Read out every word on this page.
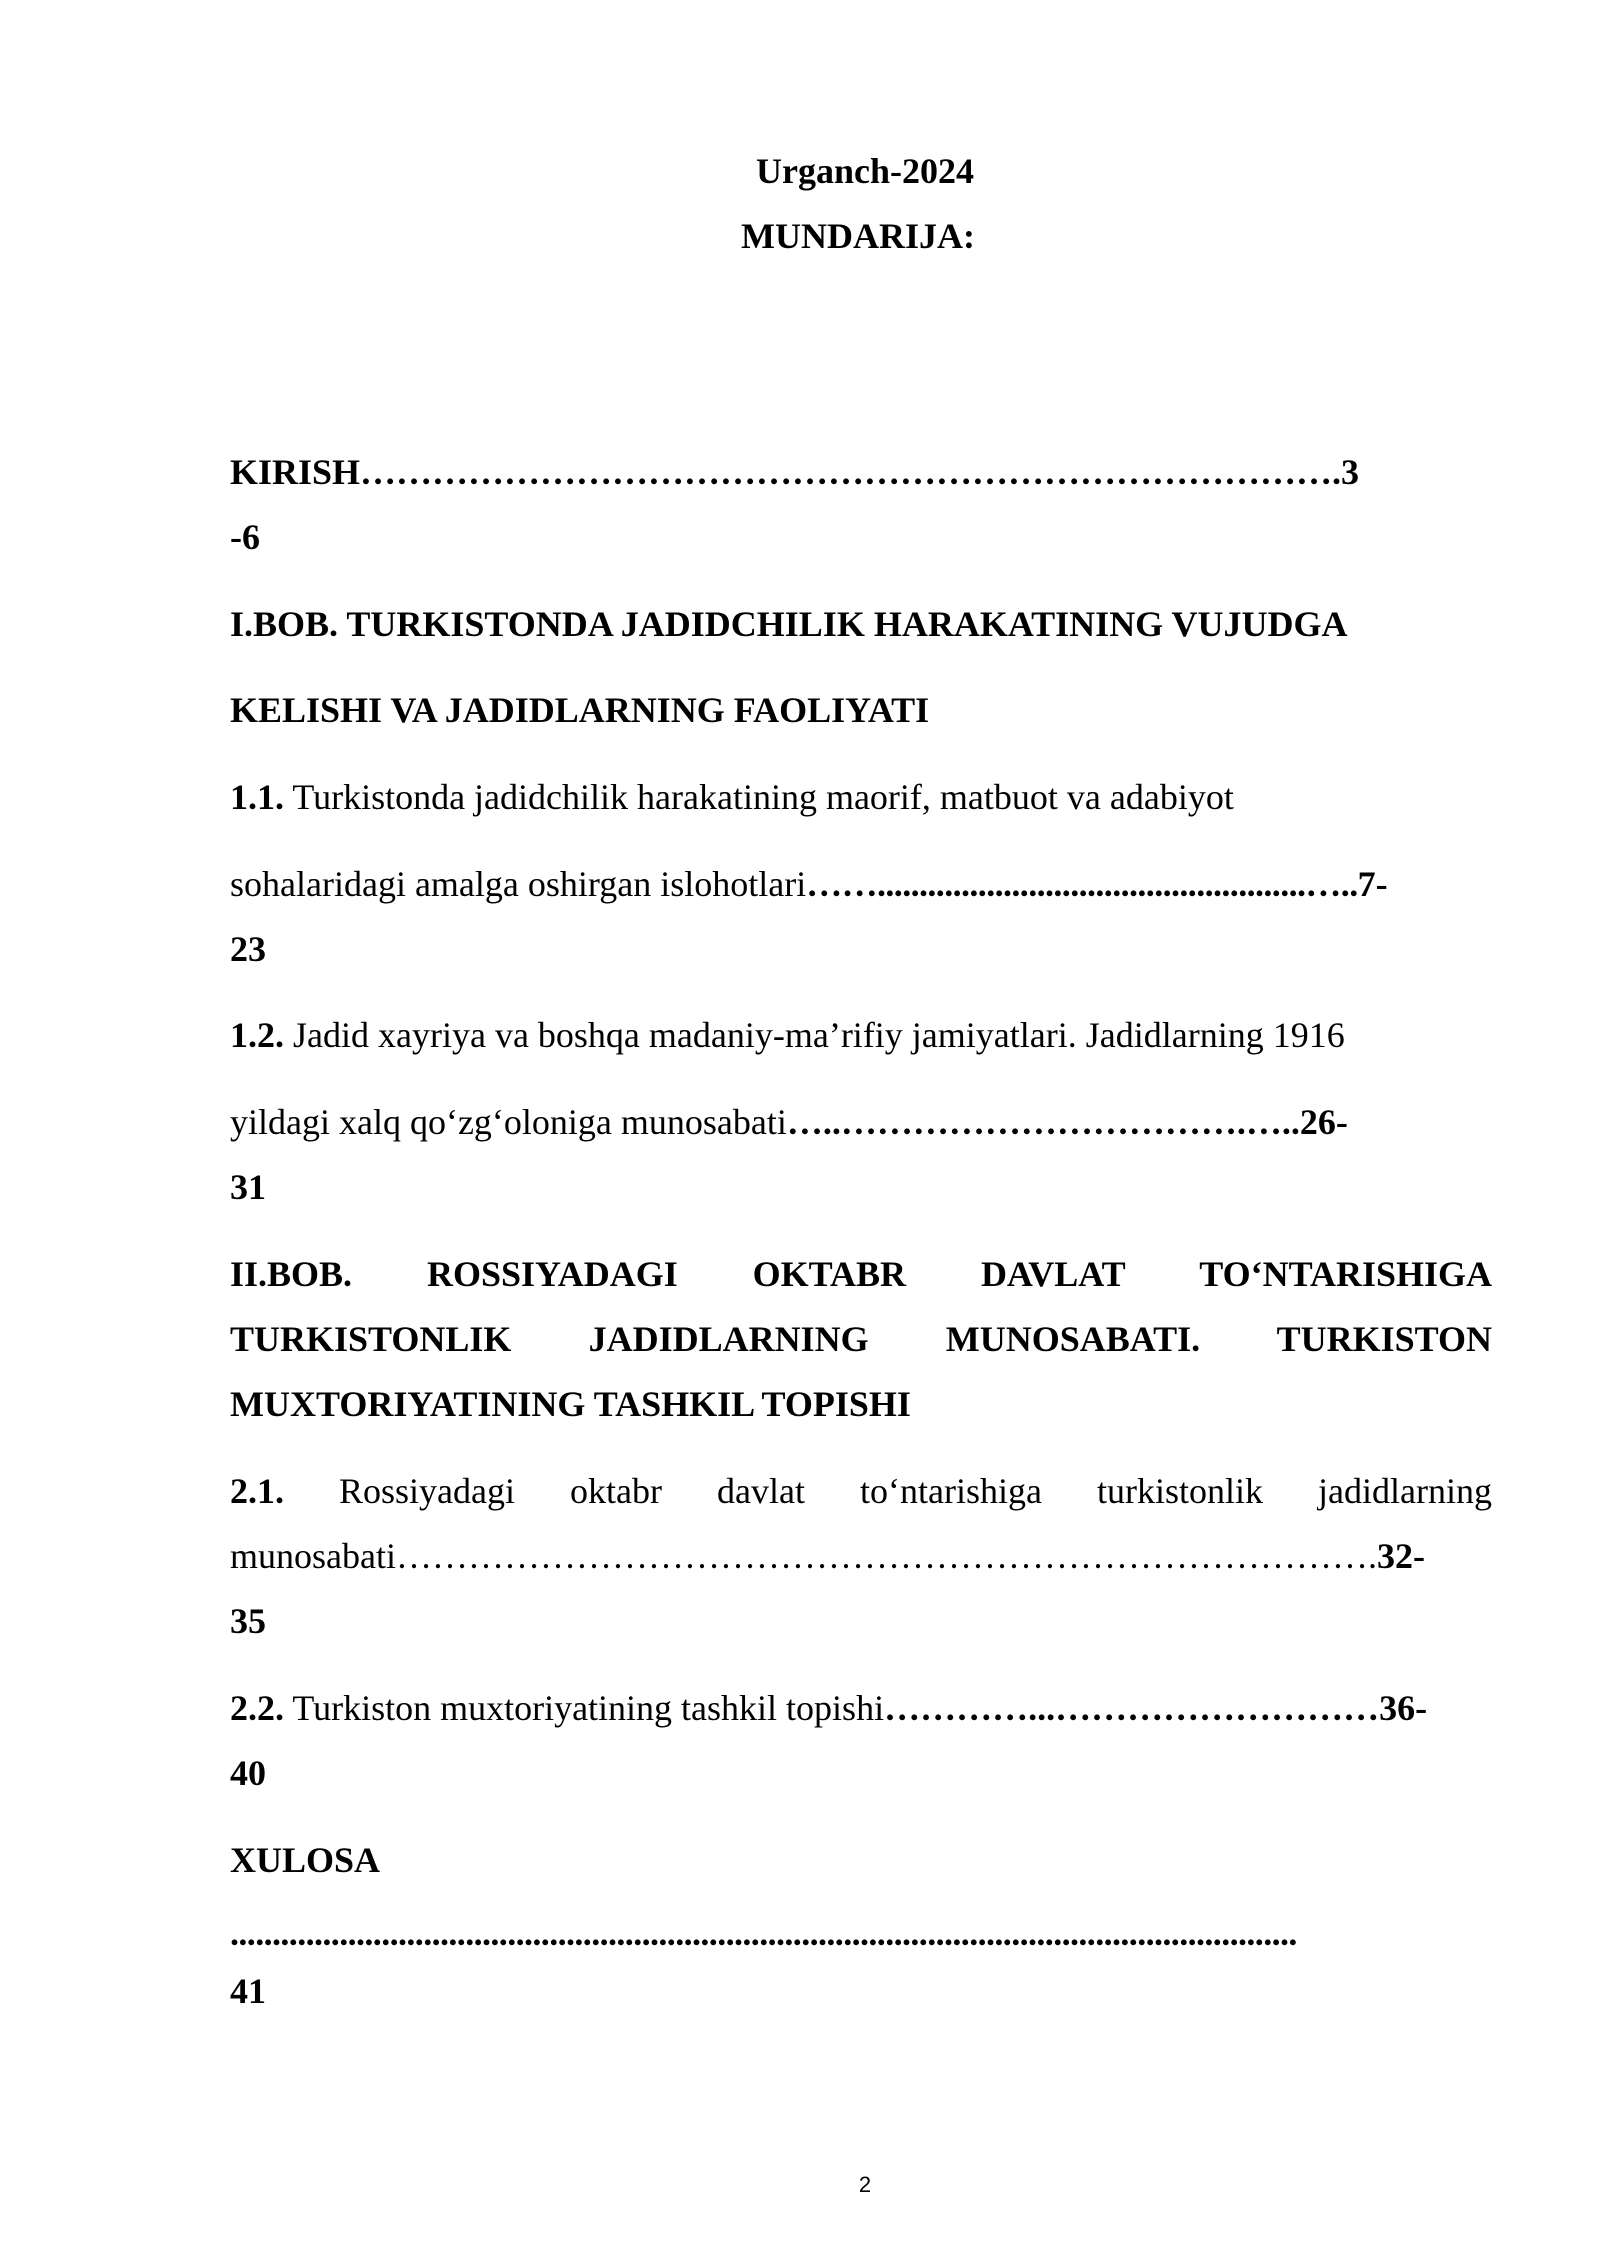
Urganch-2024
MUNDARIJA:
KIRISH……………………………………………………………………….3
-6
I.BOB. TURKISTONDA JADIDCHILIK HARAKATINING VUJUDGA
KELISHI VA JADIDLARNING FAOLIYATI
1.1. Turkistonda jadidchilik harakatining maorif, matbuot va adabiyot
sohalaridagi amalga oshirgan islohotlari……...................................................…..7-
23
1.2. Jadid xayriya va boshqa madaniy-ma’rifiy jamiyatlari. Jadidlarning 1916
yildagi xalq qo‘zg‘oloniga munosabati…..…………………………….…..26-
31
II.BOB. ROSSIYADAGI OKTABR DAVLAT TO‘NTARISHIGA
TURKISTONLIK JADIDLARNING MUNOSABATI. TURKISTON
MUXTORIYATINING TASHKIL TOPISHI
2.1. Rossiyadagi oktabr davlat to‘ntarishiga turkistonlik jadidlarning
munosabati……………………………………………………………………….32-
35
2.2. Turkiston muxtoriyatining tashkil topishi…………...………………………36-
40
XULOSA
...............................................................................................................................
41
2
